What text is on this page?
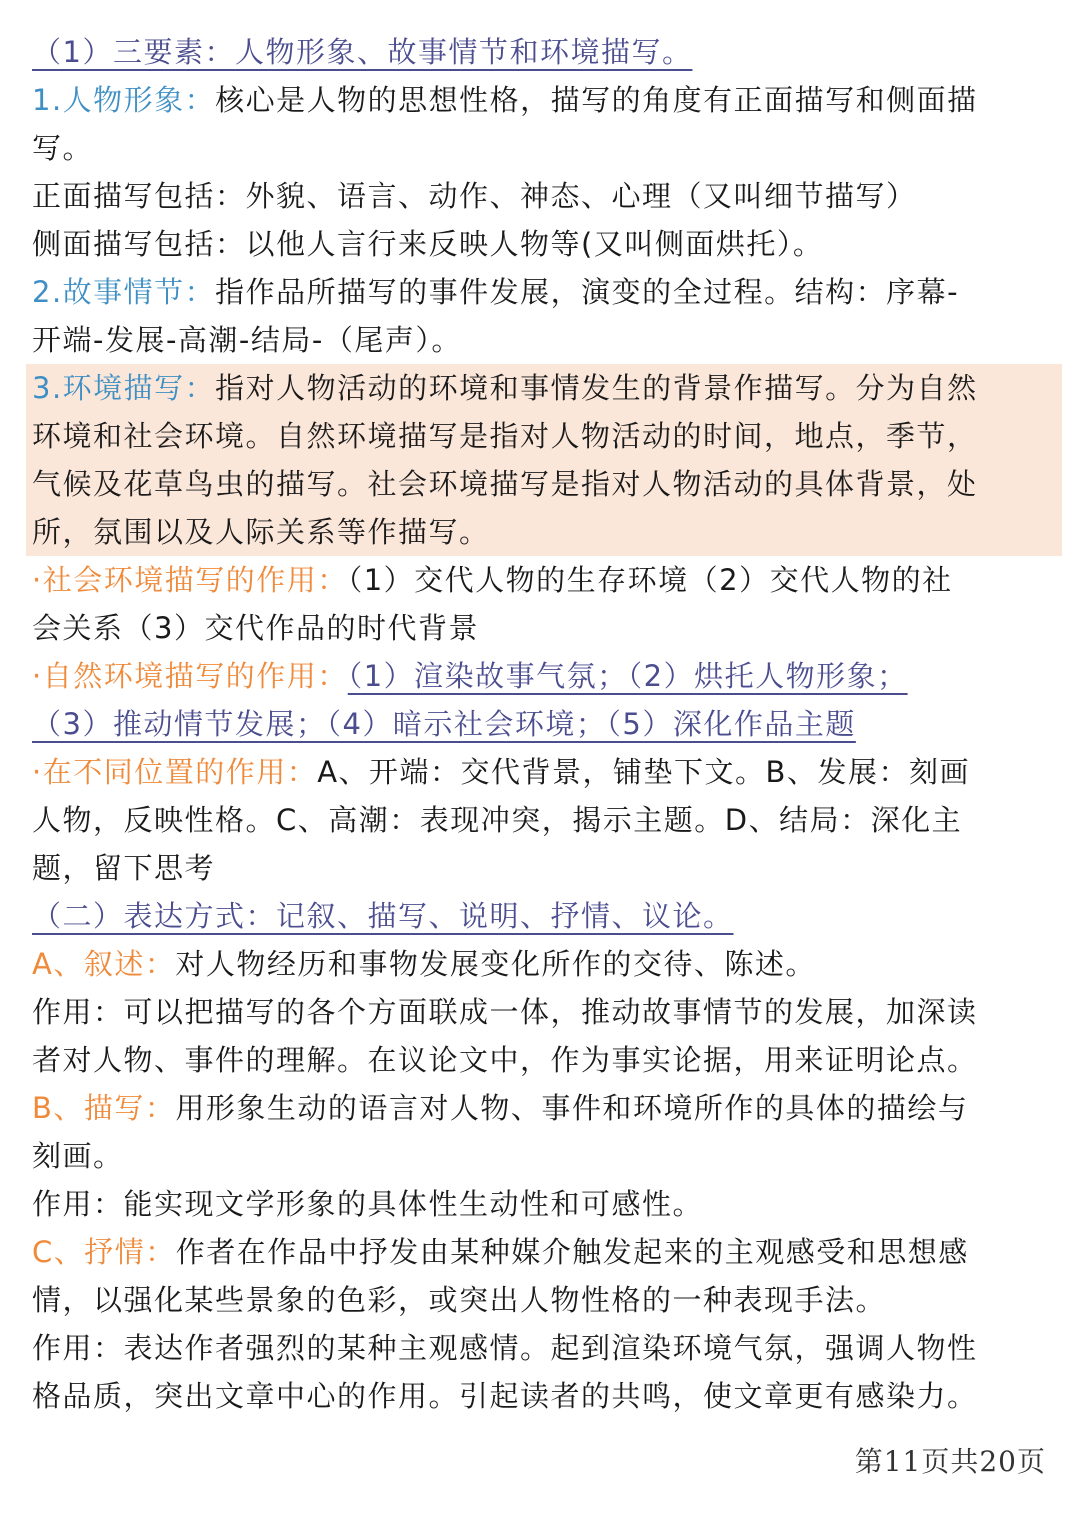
（1）三要素：人物形象、故事情节和环境描写。
1.人物形象：核心是人物的思想性格，描写的角度有正面描写和侧面描
写。
正面描写包括：外貌、语言、动作、神态、心理（又叫细节描写）
侧面描写包括：以他人言行来反映人物等(又叫侧面烘托）。
2.故事情节：指作品所描写的事件发展，演变的全过程。结构：序幕-
开端-发展-高潮-结局-（尾声）。
3.环境描写：指对人物活动的环境和事情发生的背景作描写。分为自然
环境和社会环境。自然环境描写是指对人物活动的时间，地点，季节，
气候及花草鸟虫的描写。社会环境描写是指对人物活动的具体背景，处
所，氛围以及人际关系等作描写。
·社会环境描写的作用：（1）交代人物的生存环境（2）交代人物的社
会关系（3）交代作品的时代背景
·自然环境描写的作用：（1）渲染故事气氛；（2）烘托人物形象；
（3）推动情节发展；（4）暗示社会环境；（5）深化作品主题
·在不同位置的作用：A、开端：交代背景，铺垫下文。B、发展：刻画
人物，反映性格。C、高潮：表现冲突，揭示主题。D、结局：深化主
题，留下思考
（二）表达方式：记叙、描写、说明、抒情、议论。
A、叙述：对人物经历和事物发展变化所作的交待、陈述。
作用：可以把描写的各个方面联成一体，推动故事情节的发展，加深读
者对人物、事件的理解。在议论文中，作为事实论据，用来证明论点。
B、描写：用形象生动的语言对人物、事件和环境所作的具体的描绘与
刻画。
作用：能实现文学形象的具体性生动性和可感性。
C、抒情：作者在作品中抒发由某种媒介触发起来的主观感受和思想感
情，以强化某些景象的色彩，或突出人物性格的一种表现手法。
作用：表达作者强烈的某种主观感情。起到渲染环境气氛，强调人物性
格品质，突出文章中心的作用。引起读者的共鸣，使文章更有感染力。
第11页共20页
